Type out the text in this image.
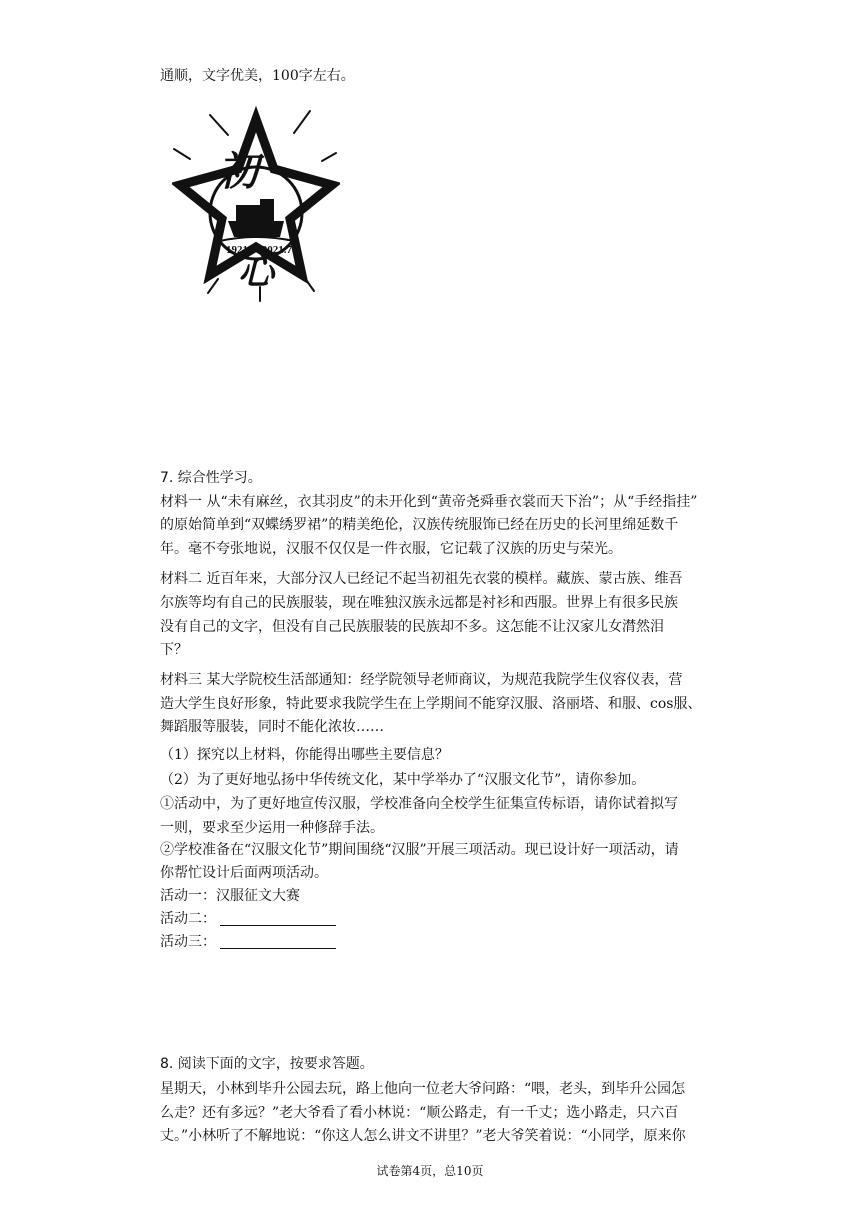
通顺，文字优美，100字左右。
初
心
1921.7–2021.7
7. 综合性学习。
材料一 从“未有麻丝，衣其羽皮”的未开化到“黄帝尧舜垂衣裳而天下治”；从“手经指挂”
的原始简单到“双蝶绣罗裙”的精美绝伦，汉族传统服饰已经在历史的长河里绵延数千
年。毫不夸张地说，汉服不仅仅是一件衣服，它记载了汉族的历史与荣光。
材料二 近百年来，大部分汉人已经记不起当初祖先衣裳的模样。藏族、蒙古族、维吾
尔族等均有自己的民族服装，现在唯独汉族永远都是衬衫和西服。世界上有很多民族
没有自己的文字，但没有自己民族服装的民族却不多。这怎能不让汉家儿女潸然泪
下？
材料三 某大学院校生活部通知：经学院领导老师商议，为规范我院学生仪容仪表，营
造大学生良好形象，特此要求我院学生在上学期间不能穿汉服、洛丽塔、和服、cos服、
舞蹈服等服装，同时不能化浓妆……
（1）探究以上材料，你能得出哪些主要信息？
（2）为了更好地弘扬中华传统文化，某中学举办了“汉服文化节”，请你参加。
①活动中，为了更好地宣传汉服，学校准备向全校学生征集宣传标语，请你试着拟写
一则，要求至少运用一种修辞手法。
②学校准备在“汉服文化节”期间围绕“汉服”开展三项活动。现已设计好一项活动，请
你帮忙设计后面两项活动。
活动一：汉服征文大赛
活动二：
活动三：
8. 阅读下面的文字，按要求答题。
星期天，小林到毕升公园去玩，路上他向一位老大爷问路：“喂，老头，到毕升公园怎
么走？还有多远？”老大爷看了看小林说：“顺公路走，有一千丈；选小路走，只六百
丈。”小林听了不解地说：“你这人怎么讲文不讲里？”老大爷笑着说：“小同学，原来你
试卷第4页，总10页
